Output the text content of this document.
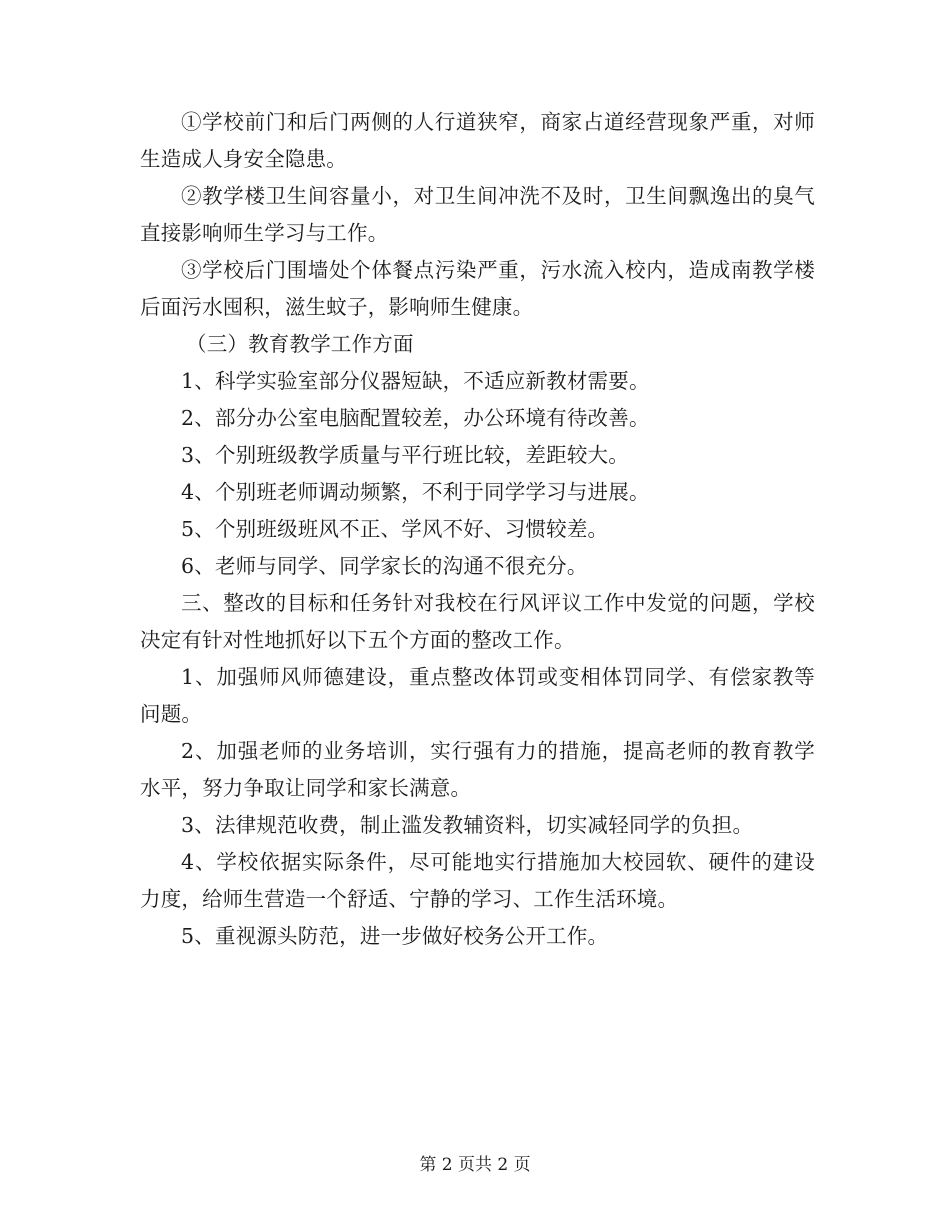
①学校前门和后门两侧的人行道狭窄，商家占道经营现象严重，对师生造成人身安全隐患。

②教学楼卫生间容量小，对卫生间冲洗不及时，卫生间飘逸出的臭气直接影响师生学习与工作。

③学校后门围墙处个体餐点污染严重，污水流入校内，造成南教学楼后面污水囤积，滋生蚊子，影响师生健康。

（三）教育教学工作方面

1、科学实验室部分仪器短缺，不适应新教材需要。

2、部分办公室电脑配置较差，办公环境有待改善。

3、个别班级教学质量与平行班比较，差距较大。

4、个别班老师调动频繁，不利于同学学习与进展。

5、个别班级班风不正、学风不好、习惯较差。

6、老师与同学、同学家长的沟通不很充分。

三、整改的目标和任务针对我校在行风评议工作中发觉的问题，学校决定有针对性地抓好以下五个方面的整改工作。

1、加强师风师德建设，重点整改体罚或变相体罚同学、有偿家教等问题。

2、加强老师的业务培训，实行强有力的措施，提高老师的教育教学水平，努力争取让同学和家长满意。

3、法律规范收费，制止滥发教辅资料，切实减轻同学的负担。

4、学校依据实际条件，尽可能地实行措施加大校园软、硬件的建设力度，给师生营造一个舒适、宁静的学习、工作生活环境。

5、重视源头防范，进一步做好校务公开工作。

第 2 页共 2 页
